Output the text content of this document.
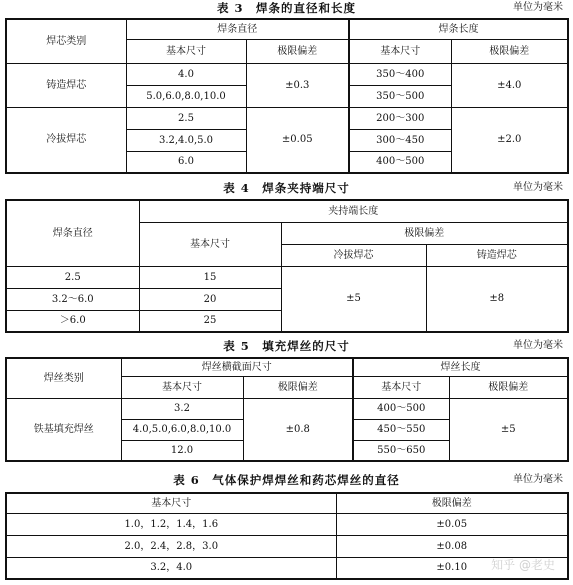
表 3　焊条的直径和长度	单位为毫米
焊芯类别	焊条直径		焊条长度	
	基本尺寸	极限偏差	基本尺寸	极限偏差
铸造焊芯	4.0	±0.3	350～400	±4.0
	5.0,6.0,8.0,10.0		350～500	
冷拔焊芯	2.5	±0.05	200～300	±2.0
	3.2,4.0,5.0		300～450	
	6.0		400～500	
表 4　焊条夹持端尺寸	单位为毫米
焊条直径	夹持端长度		
	基本尺寸	极限偏差	
		冷拔焊芯	铸造焊芯
2.5	15	±5	±8
3.2～6.0	20		
＞6.0	25		
表 5　填充焊丝的尺寸	单位为毫米
焊丝类别	焊丝横截面尺寸		焊丝长度	
	基本尺寸	极限偏差	基本尺寸	极限偏差
铁基填充焊丝	3.2	±0.8	400～500	±5
	4.0,5.0,6.0,8.0,10.0		450～550	
	12.0		550～650	
表 6　气体保护焊焊丝和药芯焊丝的直径	单位为毫米
基本尺寸	极限偏差
1.0，1.2，1.4，1.6	±0.05
2.0，2.4，2.8，3.0	±0.08
3.2，4.0	±0.10 知乎 @老史
